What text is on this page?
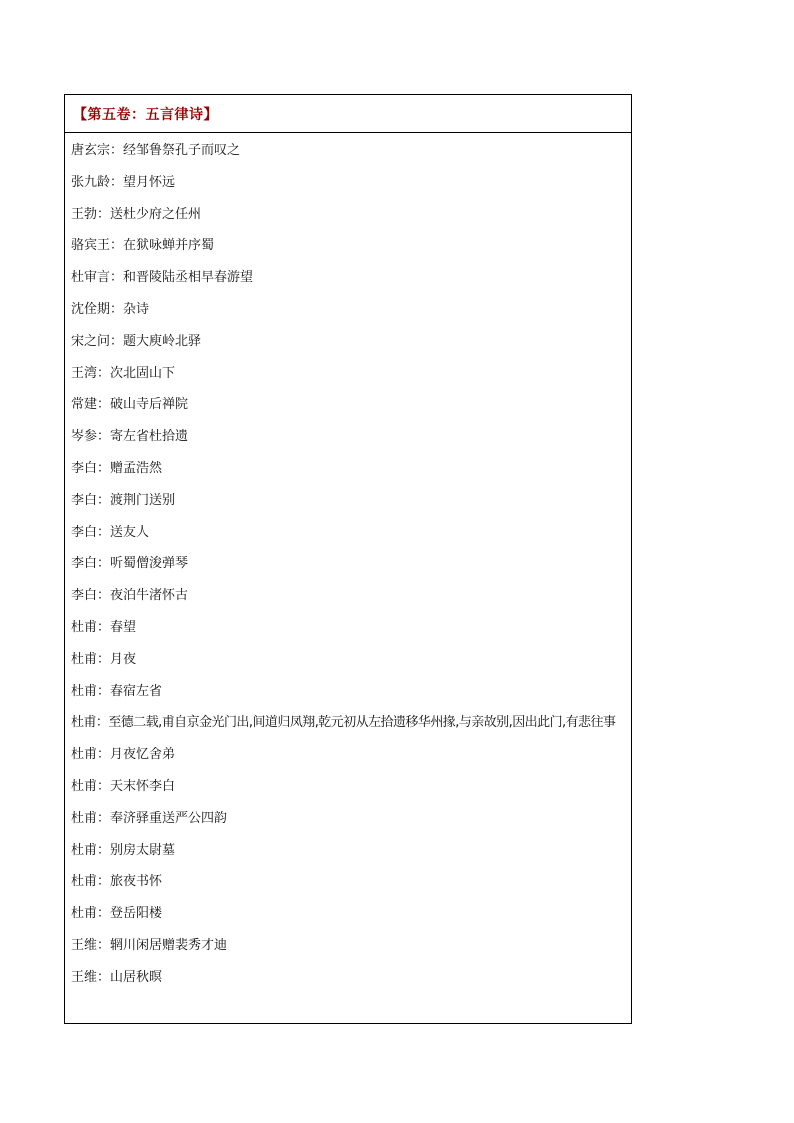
【第五卷：五言律诗】
唐玄宗：经邹鲁祭孔子而叹之
张九龄：望月怀远
王勃：送杜少府之任州
骆宾王：在狱咏蝉并序蜀
杜审言：和晋陵陆丞相早春游望
沈佺期：杂诗
宋之问：题大庾岭北驿
王湾：次北固山下
常建：破山寺后禅院
岑参：寄左省杜拾遗
李白：赠孟浩然
李白：渡荆门送别
李白：送友人
李白：听蜀僧浚弹琴
李白：夜泊牛渚怀古
杜甫：春望
杜甫：月夜
杜甫：春宿左省
杜甫：至德二载,甫自京金光门出,间道归凤翔,乾元初从左拾遗移华州掾,与亲故别,因出此门,有悲往事
杜甫：月夜忆舍弟
杜甫：天末怀李白
杜甫：奉济驿重送严公四韵
杜甫：别房太尉墓
杜甫：旅夜书怀
杜甫：登岳阳楼
王维：辋川闲居赠裴秀才迪
王维：山居秋暝
